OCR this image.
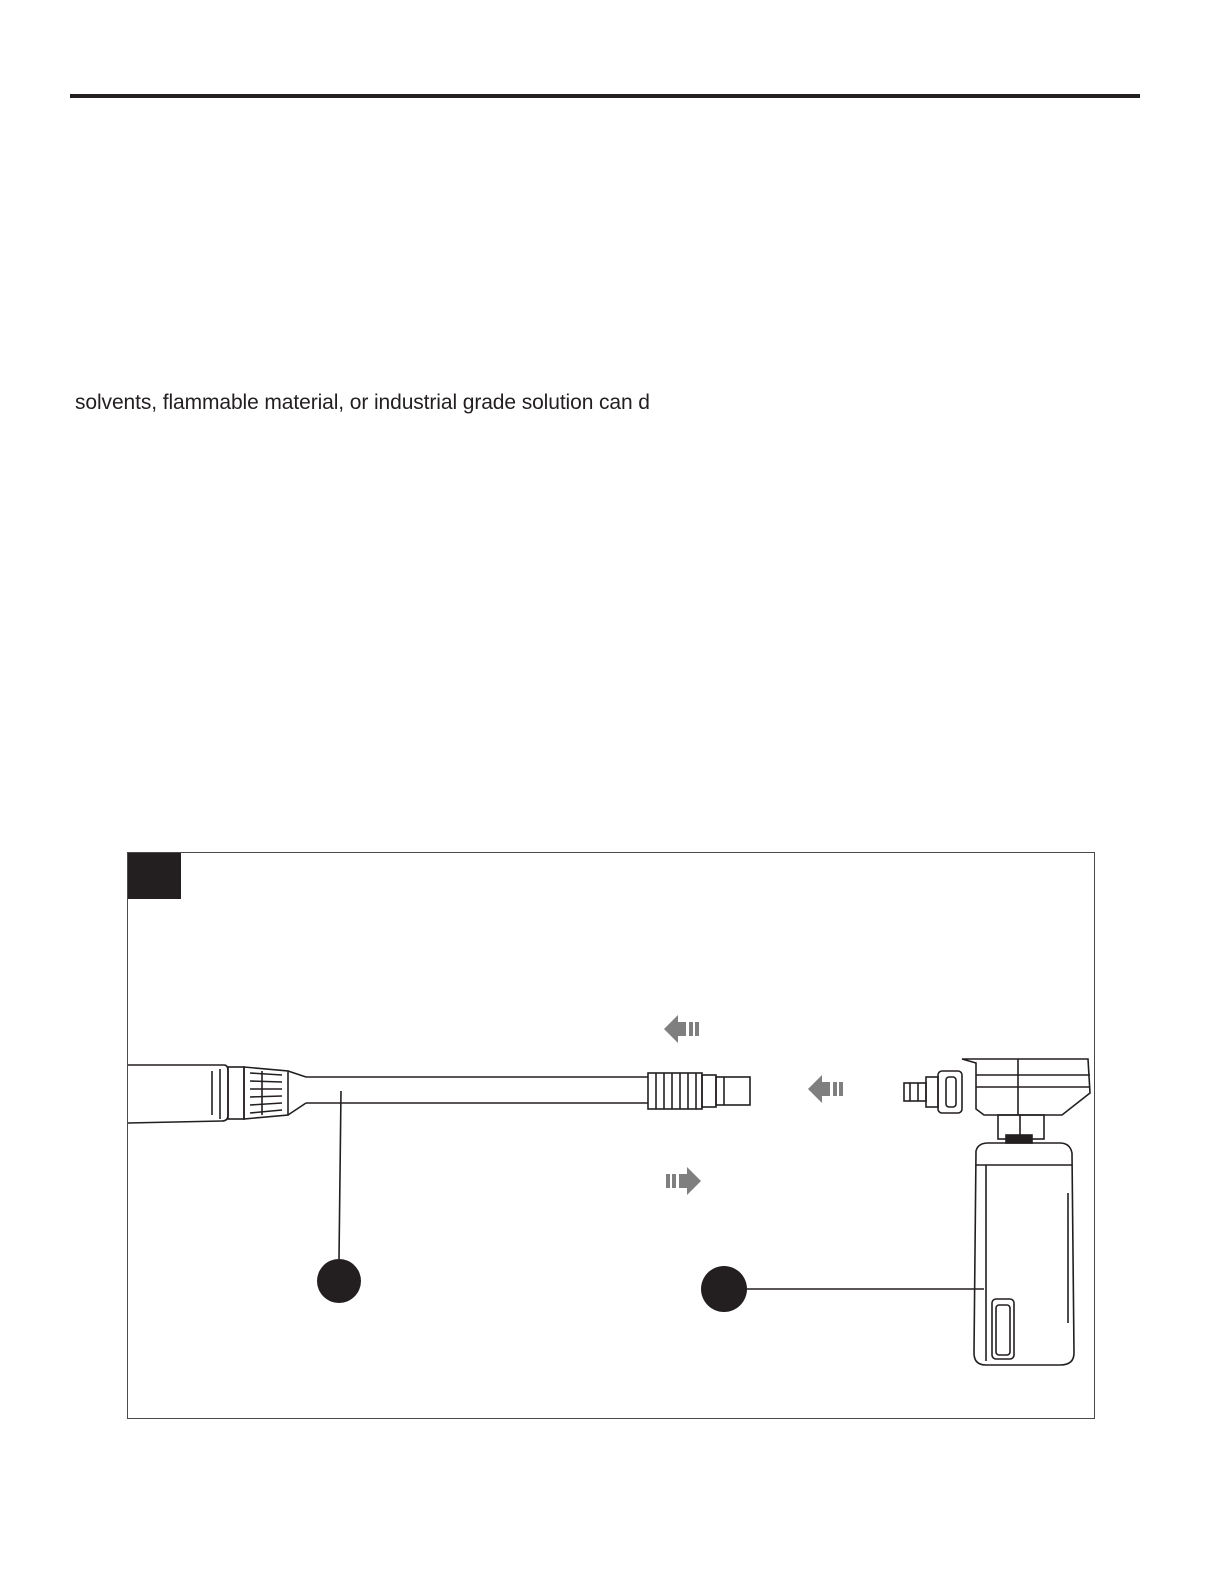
solvents, flammable material, or industrial grade solution can d
